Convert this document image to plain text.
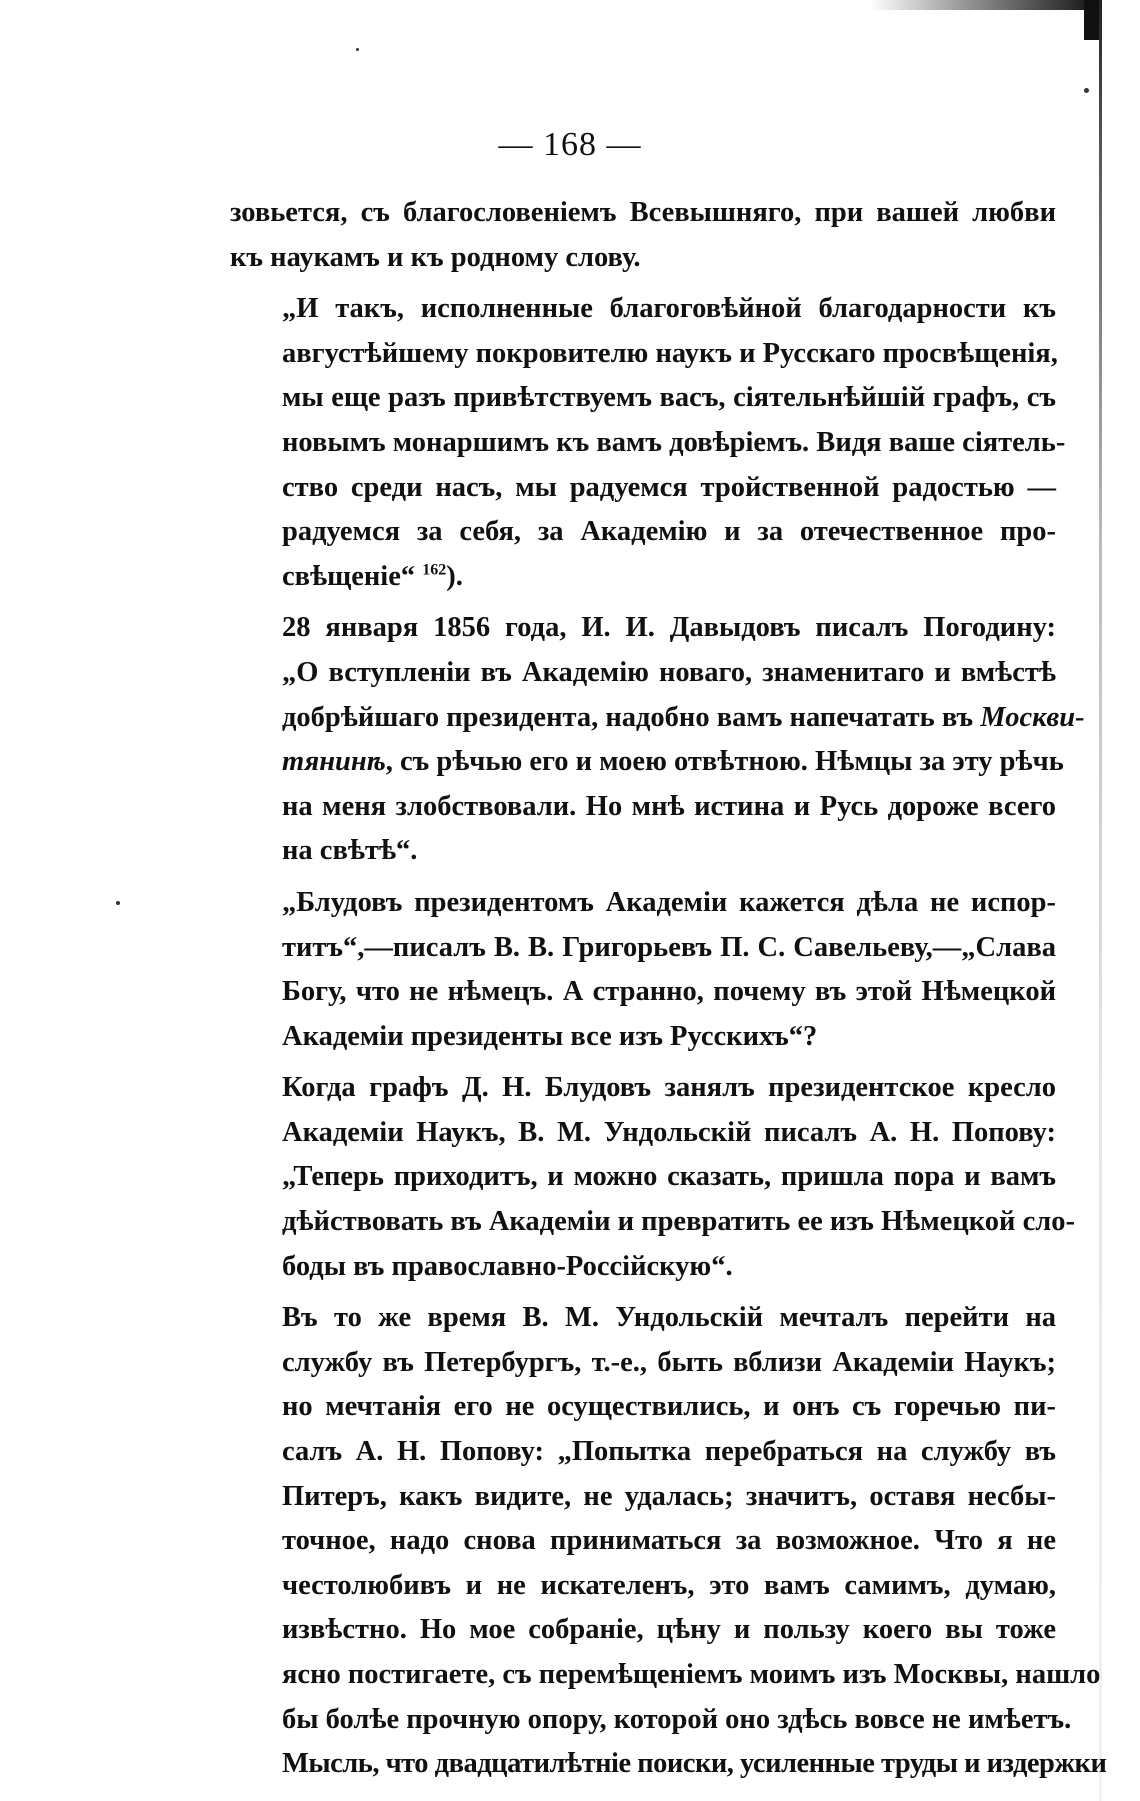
— 168 —

зовьется, съ благословеніемъ Всевышняго, при вашей любви
къ наукамъ и къ родному слову.

„И такъ, исполненные благоговѣйной благодарности къ
августѣйшему покровителю наукъ и Русскаго просвѣщенія,
мы еще разъ привѣтствуемъ васъ, сіятельнѣйшій графъ, съ
новымъ монаршимъ къ вамъ довѣріемъ. Видя ваше сіятель-
ство среди насъ, мы радуемся тройственной радостью —
радуемся за себя, за Академію и за отечественное про-
свѣщеніе“ $^{162}$).

28 января 1856 года, И. И. Давыдовъ писалъ Погодину:
„О вступленіи въ Академію новаго, знаменитаго и вмѣстѣ
добрѣйшаго президента, надобно вамъ напечатать въ Москви-
тянинѣ, съ рѣчью его и моею отвѣтною. Нѣмцы за эту рѣчь
на меня злобствовали. Но мнѣ истина и Русь дороже всего
на свѣтѣ“.

„Блудовъ президентомъ Академіи кажется дѣла не испор-
титъ“,—писалъ В. В. Григорьевъ П. С. Савельеву,—„Слава
Богу, что не нѣмецъ. А странно, почему въ этой Нѣмецкой
Академіи президенты все изъ Русскихъ“?

Когда графъ Д. Н. Блудовъ занялъ президентское кресло
Академіи Наукъ, В. М. Ундольскій писалъ А. Н. Попову:
„Теперь приходитъ, и можно сказать, пришла пора и вамъ
дѣйствовать въ Академіи и превратить ее изъ Нѣмецкой сло-
боды въ православно-Россійскую“.

Въ то же время В. М. Ундольскій мечталъ перейти на
службу въ Петербургъ, т.-е., быть вблизи Академіи Наукъ;
но мечтанія его не осуществились, и онъ съ горечью пи-
салъ А. Н. Попову: „Попытка перебраться на службу въ
Питеръ, какъ видите, не удалась; значитъ, оставя несбы-
точное, надо снова приниматься за возможное. Что я не
честолюбивъ и не искателенъ, это вамъ самимъ, думаю,
извѣстно. Но мое собраніе, цѣну и пользу коего вы тоже
ясно постигаете, съ перемѣщеніемъ моимъ изъ Москвы, нашло
бы болѣе прочную опору, которой оно здѣсь вовсе не имѣетъ.
Мысль, что двадцатилѣтніе поиски, усиленные труды и издержки
